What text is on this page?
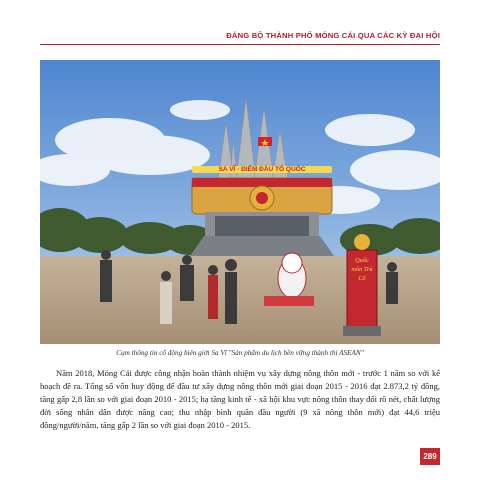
ĐẢNG BỘ THÀNH PHỐ MÓNG CÁI QUA CÁC KỲ ĐẠI HỘI
SA VĨ - ĐIỂM ĐẦU TỔ QUỐC
Quốc môn Trà Cổ
Cụm thông tin cổ động biên giới Sa Vĩ "Sản phẩm du lịch bền vững thành thị ASEAN"

Năm 2018, Móng Cái được công nhận hoàn thành nhiệm vụ xây dựng nông thôn mới - trước 1 năm so với kế hoạch đề ra. Tổng số vốn huy động để đầu tư xây dựng nông thôn mới giai đoạn 2015 - 2016 đạt 2.873,2 tỷ đồng, tăng gấp 2,8 lần so với giai đoạn 2010 - 2015; hạ tầng kinh tế - xã hội khu vực nông thôn thay đổi rõ nét, chất lượng đời sống nhân dân được nâng cao; thu nhập bình quân đầu người (9 xã nông thôn mới) đạt 44,6 triệu đồng/người/năm, tăng gấp 2 lần so với giai đoạn 2010 - 2015.

289
